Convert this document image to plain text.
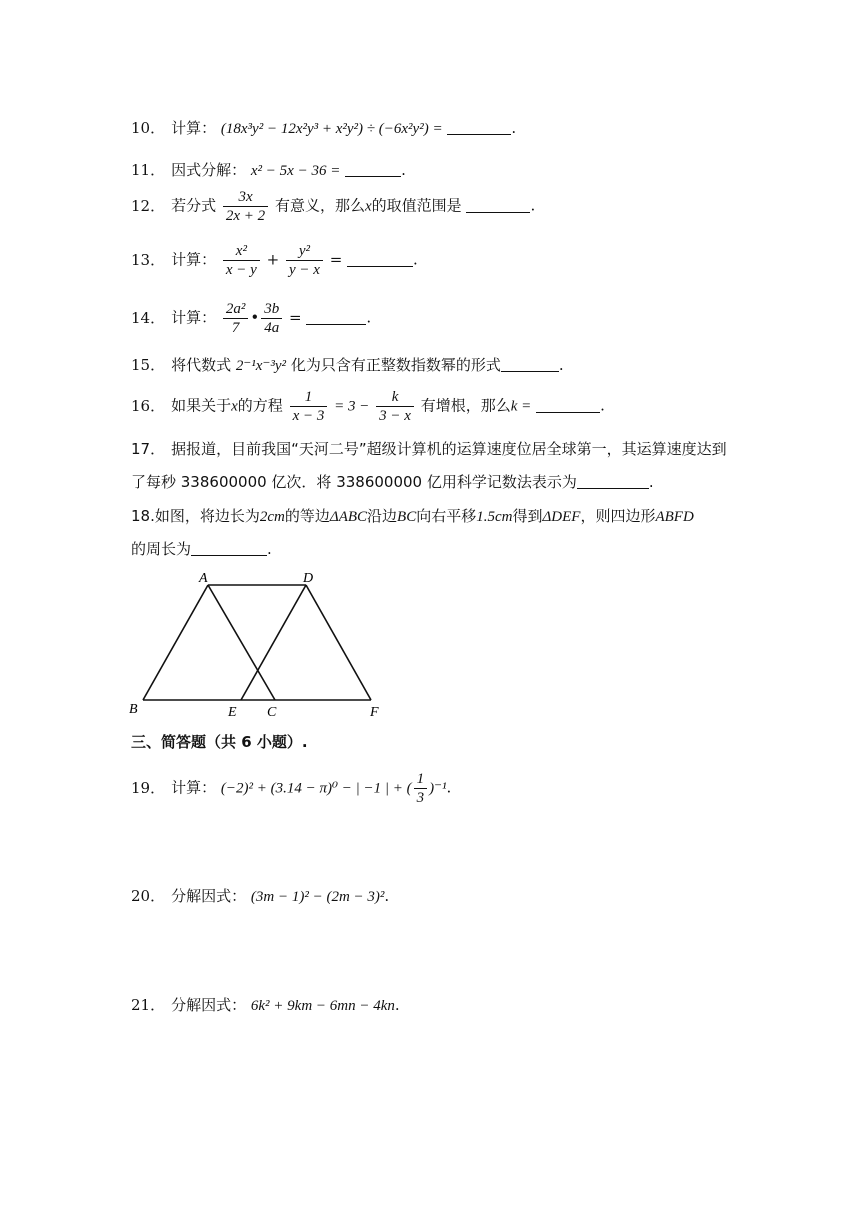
10． 计算： (18x³y² − 12x²y³ + x²y²) ÷ (−6x²y²) =	.
11． 因式分解： x² − 5x − 36 =	.
12． 若分式 $\frac{3x}{2x + 2}$ 有意义，那么x的取值范围是	.
13． 计算： $\frac{\text{x²}}{x - y} + \frac{\text{y²}}{y - x}$ =	.
14． 计算： $\frac{\text{2a²}}{7}$ • $\frac{3b}{4a}$ =	.
15． 将代数式 2⁻¹x⁻³y² 化为只含有正整数指数幂的形式	.
16． 如果关于x的方程 $\frac{1}{x - 3} = 3 - \frac{k}{3 - x}$ 有增根，那么k =	.
17． 据报道，目前我国“天河二号”超级计算机的运算速度位居全球第一，其运算速度达到
了每秒 338600000 亿次．将 338600000 亿用科学记数法表示为	.
18.如图，将边长为2cm的等边ΔABC沿边BC向右平移1.5cm得到ΔDEF，则四边形ABFD
的周长为	.
A	D
B	E C	F
三、简答题（共 6 小题）.
19． 计算： (−2)² + (3.14 − π)⁰ − | −1 | + ( $\frac{1}{3} )^{-1}$.
20． 分解因式： (3m − 1)² − (2m − 3)².
21． 分解因式： 6k² + 9km − 6mn − 4kn.
